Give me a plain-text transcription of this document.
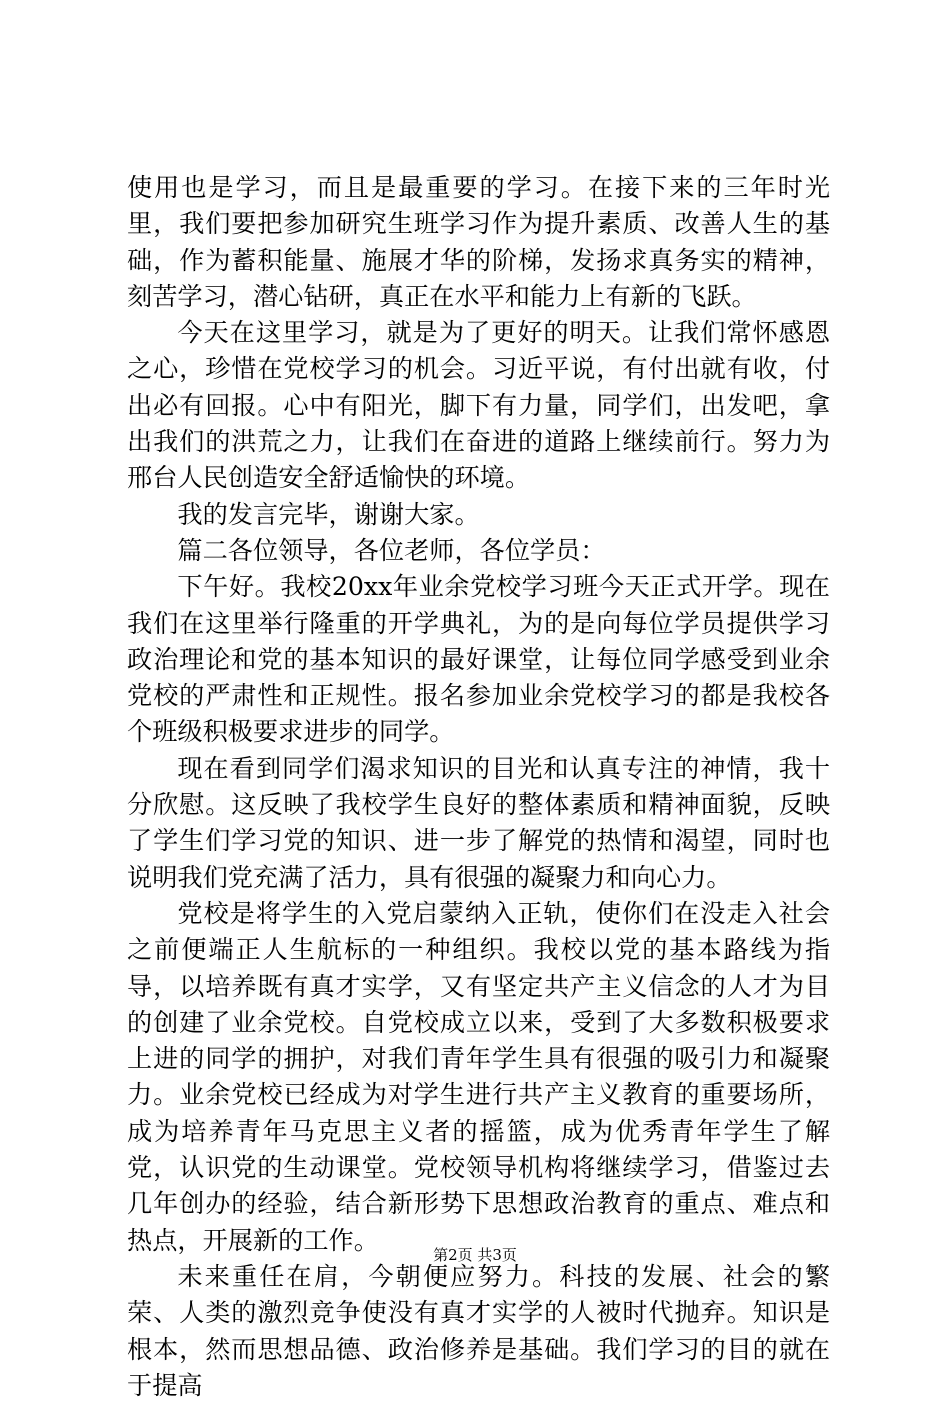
使用也是学习，而且是最重要的学习。在接下来的三年时光里，我们要把参加研究生班学习作为提升素质、改善人生的基础，作为蓄积能量、施展才华的阶梯，发扬求真务实的精神，刻苦学习，潜心钻研，真正在水平和能力上有新的飞跃。

今天在这里学习，就是为了更好的明天。让我们常怀感恩之心，珍惜在党校学习的机会。习近平说，有付出就有收，付出必有回报。心中有阳光，脚下有力量，同学们，出发吧，拿出我们的洪荒之力，让我们在奋进的道路上继续前行。努力为邢台人民创造安全舒适愉快的环境。

我的发言完毕，谢谢大家。

篇二各位领导，各位老师，各位学员：

下午好。我校20xx年业余党校学习班今天正式开学。现在我们在这里举行隆重的开学典礼，为的是向每位学员提供学习政治理论和党的基本知识的最好课堂，让每位同学感受到业余党校的严肃性和正规性。报名参加业余党校学习的都是我校各个班级积极要求进步的同学。

现在看到同学们渴求知识的目光和认真专注的神情，我十分欣慰。这反映了我校学生良好的整体素质和精神面貌，反映了学生们学习党的知识、进一步了解党的热情和渴望，同时也说明我们党充满了活力，具有很强的凝聚力和向心力。

党校是将学生的入党启蒙纳入正轨，使你们在没走入社会之前便端正人生航标的一种组织。我校以党的基本路线为指导，以培养既有真才实学，又有坚定共产主义信念的人才为目的创建了业余党校。自党校成立以来，受到了大多数积极要求上进的同学的拥护，对我们青年学生具有很强的吸引力和凝聚力。业余党校已经成为对学生进行共产主义教育的重要场所，成为培养青年马克思主义者的摇篮，成为优秀青年学生了解党，认识党的生动课堂。党校领导机构将继续学习，借鉴过去几年创办的经验，结合新形势下思想政治教育的重点、难点和热点，开展新的工作。

未来重任在肩，今朝便应努力。科技的发展、社会的繁荣、人类的激烈竞争使没有真才实学的人被时代抛弃。知识是根本，然而思想品德、政治修养是基础。我们学习的目的就在于提高

第2页 共3页
